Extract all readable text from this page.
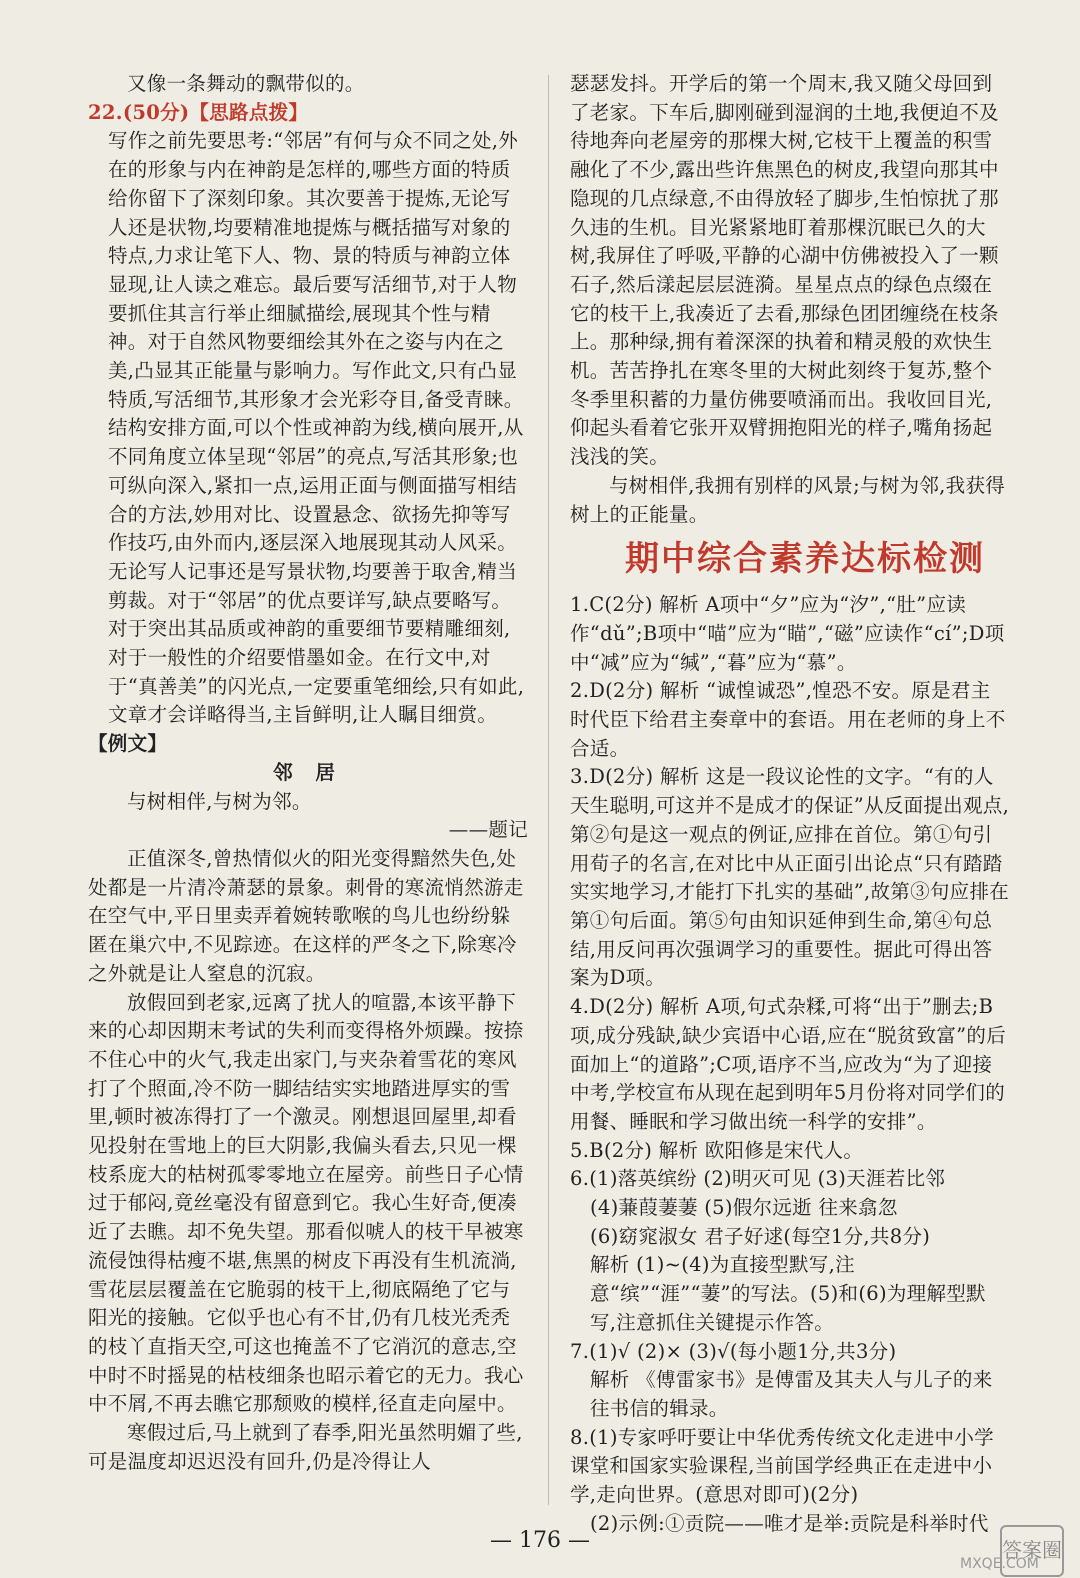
又像一条舞动的飘带似的。

22.(50分)【思路点拨】

写作之前先要思考:“邻居”有何与众不同之处,外在的形象与内在神韵是怎样的,哪些方面的特质给你留下了深刻印象。其次要善于提炼,无论写人还是状物,均要精准地提炼与概括描写对象的特点,力求让笔下人、物、景的特质与神韵立体显现,让人读之难忘。最后要写活细节,对于人物要抓住其言行举止细腻描绘,展现其个性与精神。对于自然风物要细绘其外在之姿与内在之美,凸显其正能量与影响力。写作此文,只有凸显特质,写活细节,其形象才会光彩夺目,备受青睐。

结构安排方面,可以个性或神韵为线,横向展开,从不同角度立体呈现“邻居”的亮点,写活其形象;也可纵向深入,紧扣一点,运用正面与侧面描写相结合的方法,妙用对比、设置悬念、欲扬先抑等写作技巧,由外而内,逐层深入地展现其动人风采。无论写人记事还是写景状物,均要善于取舍,精当剪裁。对于“邻居”的优点要详写,缺点要略写。对于突出其品质或神韵的重要细节要精雕细刻,对于一般性的介绍要惜墨如金。在行文中,对于“真善美”的闪光点,一定要重笔细绘,只有如此,文章才会详略得当,主旨鲜明,让人瞩目细赏。

【例文】

邻 居

与树相伴,与树为邻。

——题记

正值深冬,曾热情似火的阳光变得黯然失色,处处都是一片清冷萧瑟的景象。刺骨的寒流悄然游走在空气中,平日里卖弄着婉转歌喉的鸟儿也纷纷躲匿在巢穴中,不见踪迹。在这样的严冬之下,除寒冷之外就是让人窒息的沉寂。

放假回到老家,远离了扰人的喧嚣,本该平静下来的心却因期末考试的失利而变得格外烦躁。按捺不住心中的火气,我走出家门,与夹杂着雪花的寒风打了个照面,冷不防一脚结结实实地踏进厚实的雪里,顿时被冻得打了一个激灵。刚想退回屋里,却看见投射在雪地上的巨大阴影,我偏头看去,只见一棵枝系庞大的枯树孤零零地立在屋旁。前些日子心情过于郁闷,竟丝毫没有留意到它。我心生好奇,便凑近了去瞧。却不免失望。那看似唬人的枝干早被寒流侵蚀得枯瘦不堪,焦黑的树皮下再没有生机流淌,雪花层层覆盖在它脆弱的枝干上,彻底隔绝了它与阳光的接触。它似乎也心有不甘,仍有几枝光秃秃的枝丫直指天空,可这也掩盖不了它消沉的意志,空中时不时摇晃的枯枝细条也昭示着它的无力。我心中不屑,不再去瞧它那颓败的模样,径直走向屋中。

寒假过后,马上就到了春季,阳光虽然明媚了些,可是温度却迟迟没有回升,仍是冷得让人

瑟瑟发抖。开学后的第一个周末,我又随父母回到了老家。下车后,脚刚碰到湿润的土地,我便迫不及待地奔向老屋旁的那棵大树,它枝干上覆盖的积雪融化了不少,露出些许焦黑色的树皮,我望向那其中隐现的几点绿意,不由得放轻了脚步,生怕惊扰了那久违的生机。目光紧紧地盯着那棵沉眠已久的大树,我屏住了呼吸,平静的心湖中仿佛被投入了一颗石子,然后漾起层层涟漪。星星点点的绿色点缀在它的枝干上,我凑近了去看,那绿色团团缠绕在枝条上。那种绿,拥有着深深的执着和精灵般的欢快生机。苦苦挣扎在寒冬里的大树此刻终于复苏,整个冬季里积蓄的力量仿佛要喷涌而出。我收回目光,仰起头看着它张开双臂拥抱阳光的样子,嘴角扬起浅浅的笑。

与树相伴,我拥有别样的风景;与树为邻,我获得树上的正能量。

期中综合素养达标检测

1.C(2分) 解析 A项中“夕”应为“汐”,“肚”应读作“dǔ”;B项中“喵”应为“瞄”,“磁”应读作“cí”;D项中“减”应为“缄”,“暮”应为“慕”。

2.D(2分) 解析 “诚惶诚恐”,惶恐不安。原是君主时代臣下给君主奏章中的套语。用在老师的身上不合适。

3.D(2分) 解析 这是一段议论性的文字。“有的人天生聪明,可这并不是成才的保证”从反面提出观点,第②句是这一观点的例证,应排在首位。第①句引用荀子的名言,在对比中从正面引出论点“只有踏踏实实地学习,才能打下扎实的基础”,故第③句应排在第①句后面。第⑤句由知识延伸到生命,第④句总结,用反问再次强调学习的重要性。据此可得出答案为D项。

4.D(2分) 解析 A项,句式杂糅,可将“出于”删去;B项,成分残缺,缺少宾语中心语,应在“脱贫致富”的后面加上“的道路”;C项,语序不当,应改为“为了迎接中考,学校宣布从现在起到明年5月份将对同学们的用餐、睡眠和学习做出统一科学的安排”。

5.B(2分) 解析 欧阳修是宋代人。

6.(1)落英缤纷 (2)明灭可见 (3)天涯若比邻

(4)蒹葭萋萋 (5)假尔远逝 往来翕忽

(6)窈窕淑女 君子好逑(每空1分,共8分)

解析 (1)~(4)为直接型默写,注意“缤”“涯”“萋”的写法。(5)和(6)为理解型默写,注意抓住关键提示作答。

7.(1)√ (2)× (3)√(每小题1分,共3分)

解析 《傅雷家书》是傅雷及其夫人与儿子的来往书信的辑录。

8.(1)专家呼吁要让中华优秀传统文化走进中小学课堂和国家实验课程,当前国学经典正在走进中小学,走向世界。(意思对即可)(2分)

(2)示例:①贡院——唯才是举:贡院是科举时代

— 176 —	答案圈
MXQE.COM
